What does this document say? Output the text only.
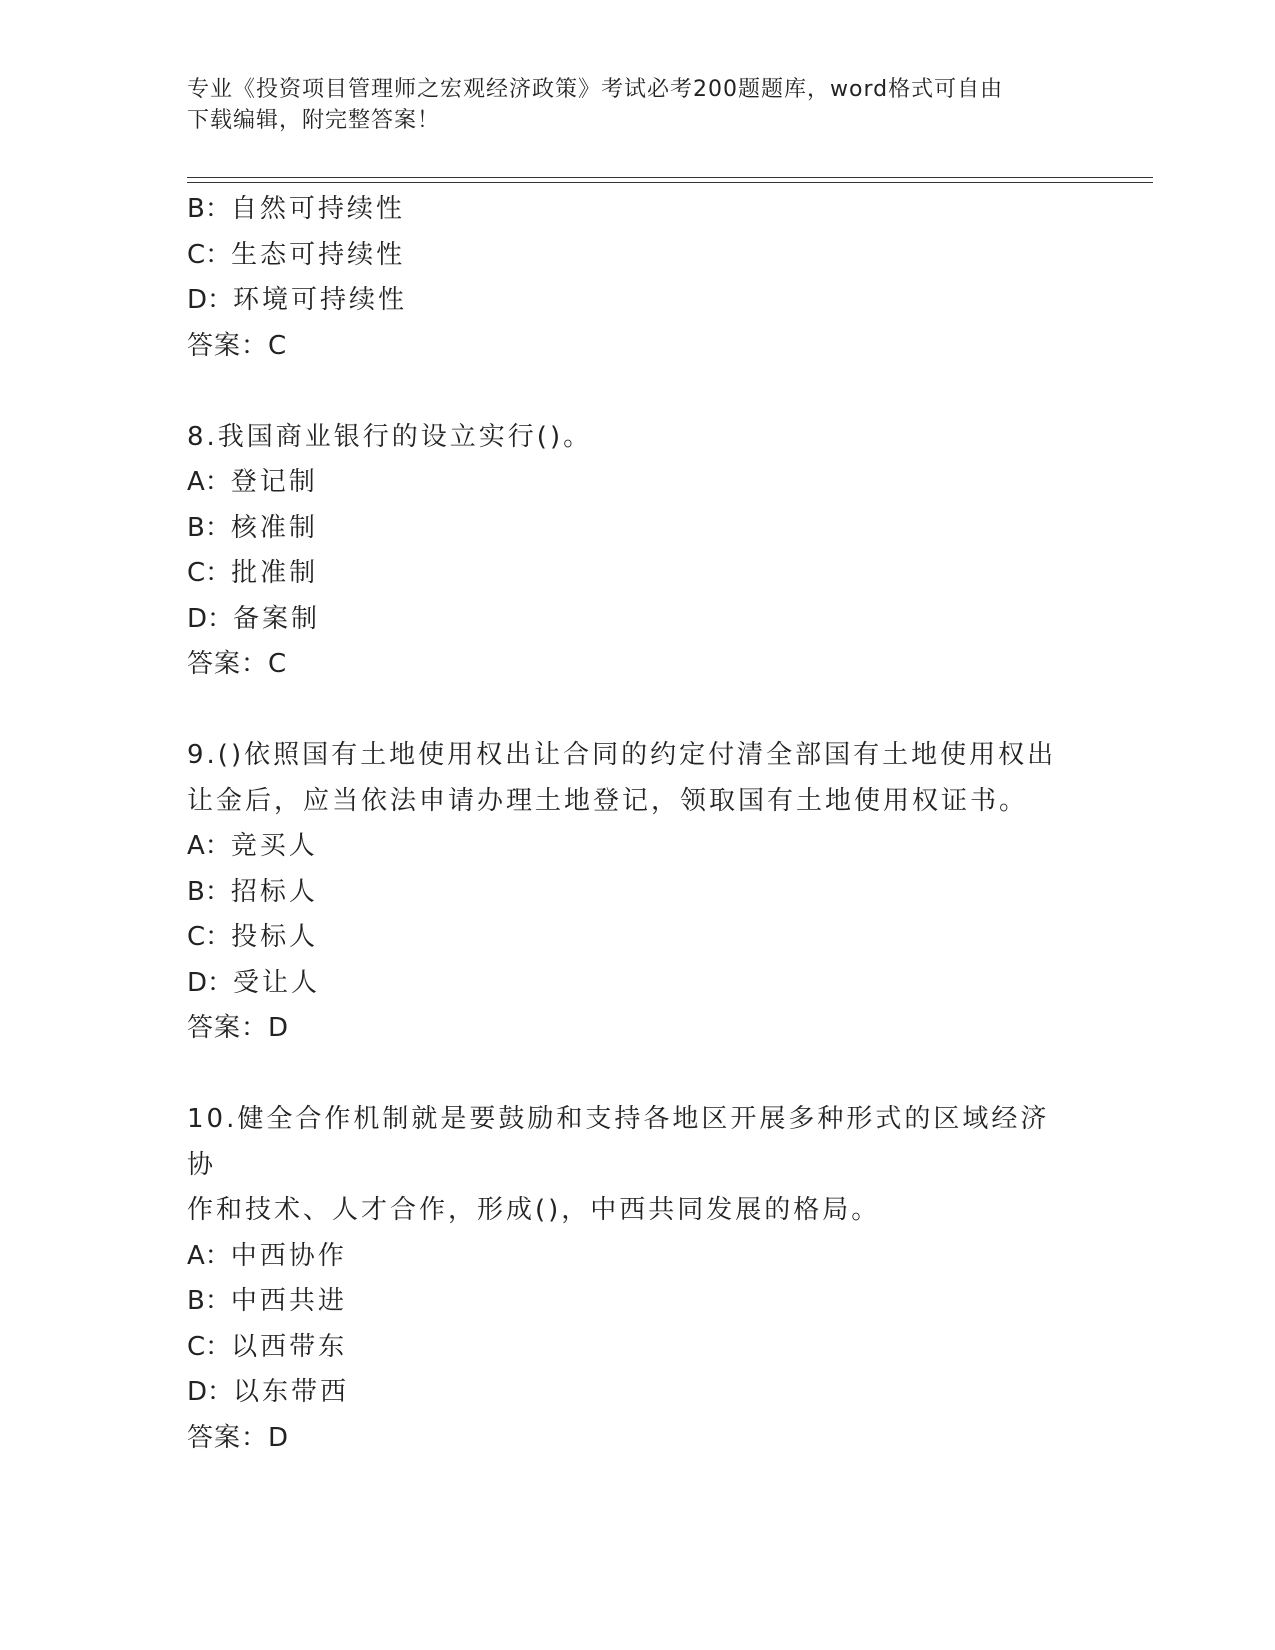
专业《投资项目管理师之宏观经济政策》考试必考200题题库，word格式可自由
下载编辑，附完整答案！
B：自然可持续性
C：生态可持续性
D：环境可持续性
答案：C
8.我国商业银行的设立实行()。
A：登记制
B：核准制
C：批准制
D：备案制
答案：C
9.()依照国有土地使用权出让合同的约定付清全部国有土地使用权出
让金后，应当依法申请办理土地登记，领取国有土地使用权证书。
A：竞买人
B：招标人
C：投标人
D：受让人
答案：D
10.健全合作机制就是要鼓励和支持各地区开展多种形式的区域经济协
作和技术、人才合作，形成()，中西共同发展的格局。
A：中西协作
B：中西共进
C：以西带东
D：以东带西
答案：D
